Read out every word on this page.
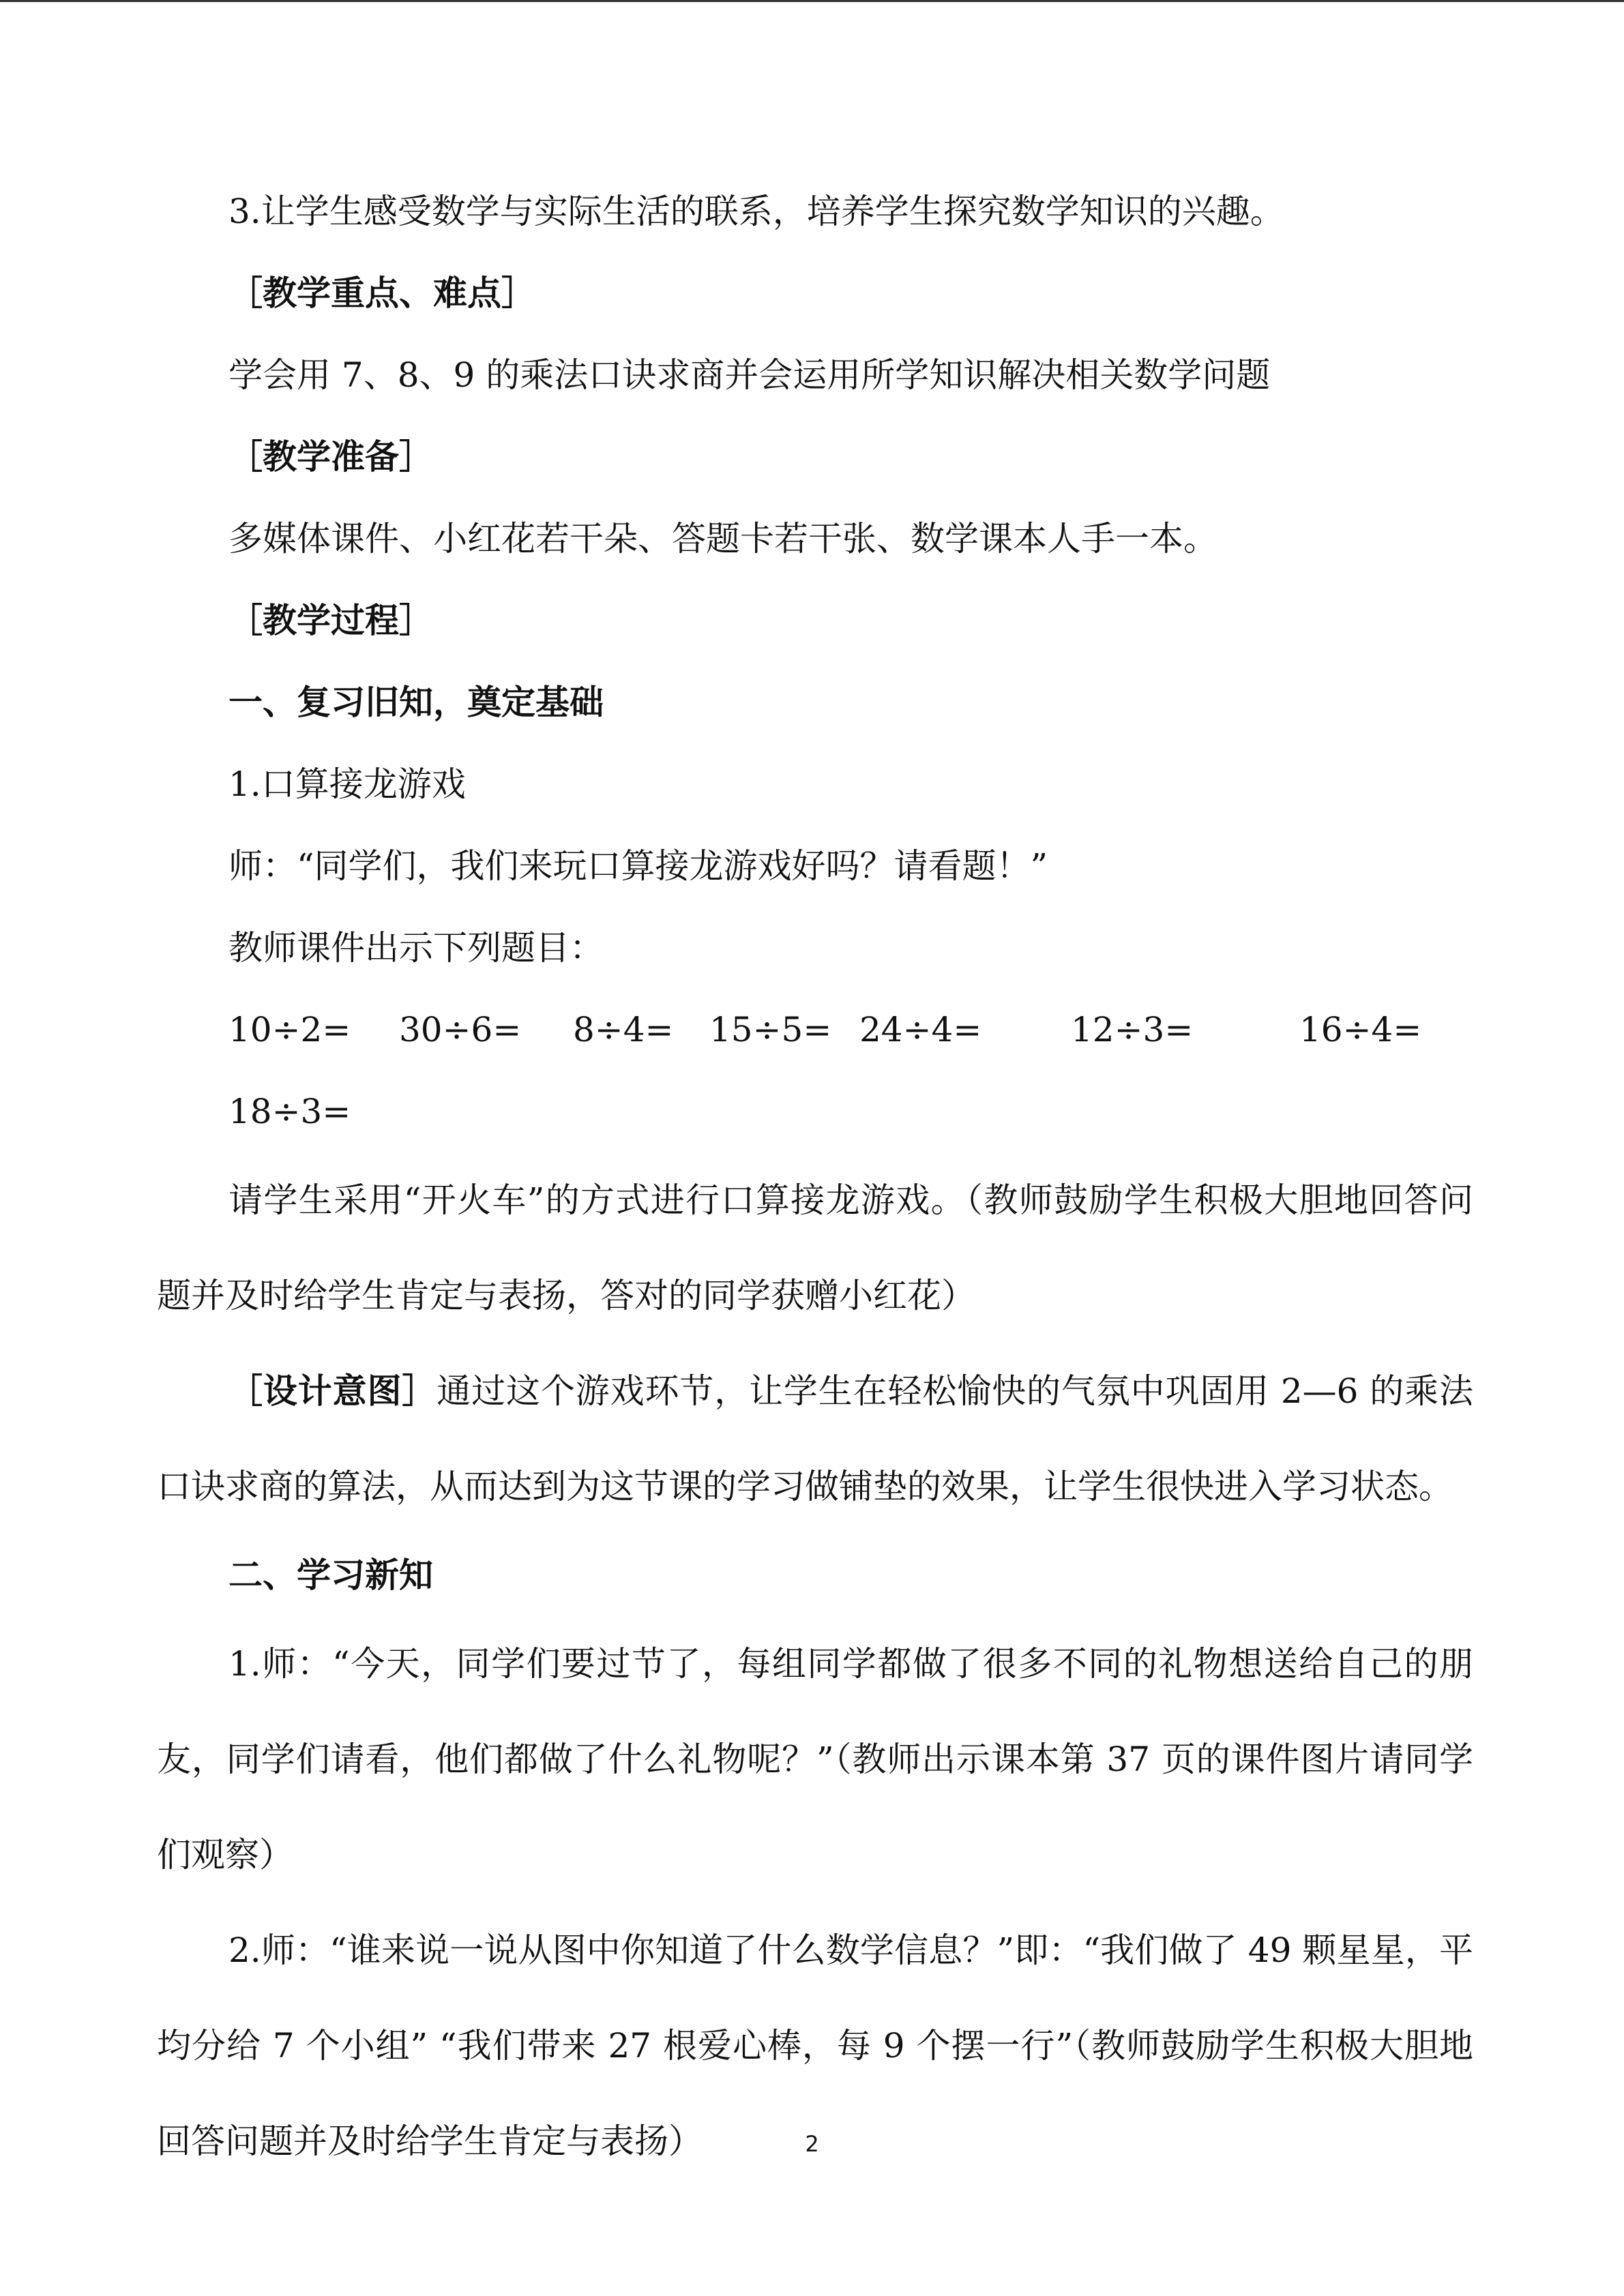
3.让学生感受数学与实际生活的联系，培养学生探究数学知识的兴趣。
［教学重点、难点］
学会用 7、8、9 的乘法口诀求商并会运用所学知识解决相关数学问题
［教学准备］
多媒体课件、小红花若干朵、答题卡若干张、数学课本人手一本。
［教学过程］
一、复习旧知，奠定基础
1.口算接龙游戏
师：“同学们，我们来玩口算接龙游戏好吗？请看题！”
教师课件出示下列题目：
10÷2= 30÷6= 8÷4= 15÷5= 24÷4=	12÷3=	16÷4=
18÷3=
请学生采用“开火车”的方式进行口算接龙游戏。（教师鼓励学生积极大胆地回答问题并及时给学生肯定与表扬，答对的同学获赠小红花）
［设计意图］通过这个游戏环节，让学生在轻松愉快的气氛中巩固用 2—6 的乘法口诀求商的算法，从而达到为这节课的学习做铺垫的效果，让学生很快进入学习状态。
二、学习新知
1.师：“今天，同学们要过节了，每组同学都做了很多不同的礼物想送给自己的朋友，同学们请看，他们都做了什么礼物呢？”（教师出示课本第 37 页的课件图片请同学们观察）
2.师：“谁来说一说从图中你知道了什么数学信息？”即：“我们做了 49 颗星星，平均分给 7 个小组” “我们带来 27 根爱心棒，每 9 个摆一行”（教师鼓励学生积极大胆地回答问题并及时给学生肯定与表扬）	2
